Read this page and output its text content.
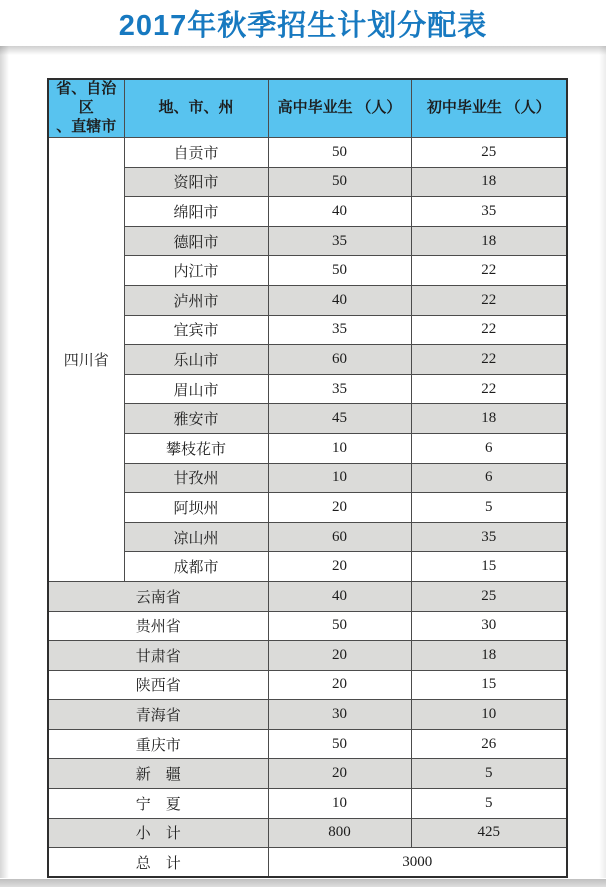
2017年秋季招生计划分配表
省、自治区
、直辖市	地、市、州	高中毕业生 （人）	初中毕业生 （人）
四川省	自贡市	50	25
	资阳市	50	18
	绵阳市	40	35
	德阳市	35	18
	内江市	50	22
	泸州市	40	22
	宜宾市	35	22
	乐山市	60	22
	眉山市	35	22
	雅安市	45	18
	攀枝花市	10	6
	甘孜州	10	6
	阿坝州	20	5
	凉山州	60	35
	成都市	20	15
云南省		40	25
贵州省		50	30
甘肃省		20	18
陕西省		20	15
青海省		30	10
重庆市		50	26
新　疆		20	5
宁　夏		10	5
小　计		800	425
总　计		3000	
